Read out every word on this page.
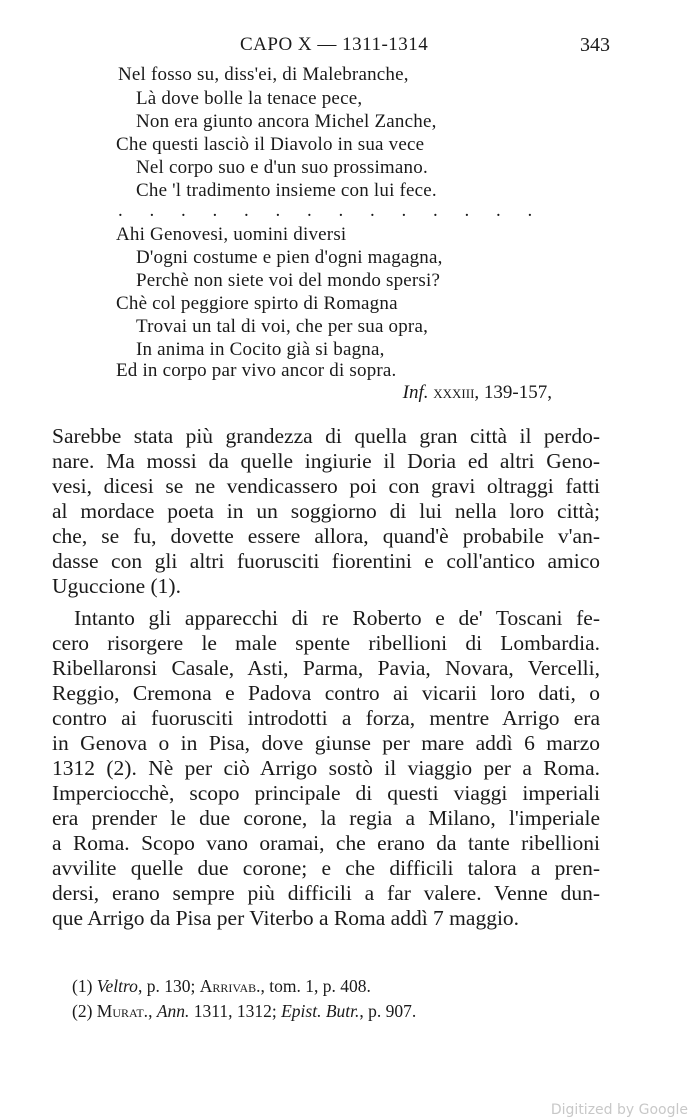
CAPO X — 1311-1314	343
Nel fosso su, diss'ei, di Malebranche,
Là dove bolle la tenace pece,
Non era giunto ancora Michel Zanche,
Che questi lasciò il Diavolo in sua vece
Nel corpo suo e d'un suo prossimano.
Che 'l tradimento insieme con lui fece.
. . . . . . . . . . . . . .
Ahi Genovesi, uomini diversi
D'ogni costume e pien d'ogni magagna,
Perchè non siete voi del mondo spersi?
Chè col peggiore spirto di Romagna
Trovai un tal di voi, che per sua opra,
In anima in Cocito già si bagna,
Ed in corpo par vivo ancor di sopra.
Inf. xxxiii, 139-157,
Sarebbe stata più grandezza di quella gran città il perdo-
nare. Ma mossi da quelle ingiurie il Doria ed altri Geno-
vesi, dicesi se ne vendicassero poi con gravi oltraggi fatti
al mordace poeta in un soggiorno di lui nella loro città;
che, se fu, dovette essere allora, quand'è probabile v'an-
dasse con gli altri fuorusciti fiorentini e coll'antico amico
Uguccione (1).
Intanto gli apparecchi di re Roberto e de' Toscani fe-
cero risorgere le male spente ribellioni di Lombardia.
Ribellaronsi Casale, Asti, Parma, Pavia, Novara, Vercelli,
Reggio, Cremona e Padova contro ai vicarii loro dati, o
contro ai fuorusciti introdotti a forza, mentre Arrigo era
in Genova o in Pisa, dove giunse per mare addì 6 marzo
1312 (2). Nè per ciò Arrigo sostò il viaggio per a Roma.
Imperciocchè, scopo principale di questi viaggi imperiali
era prender le due corone, la regia a Milano, l'imperiale
a Roma. Scopo vano oramai, che erano da tante ribellioni
avvilite quelle due corone; e che difficili talora a pren-
dersi, erano sempre più difficili a far valere. Venne dun-
que Arrigo da Pisa per Viterbo a Roma addì 7 maggio.
(1) Veltro, p. 130; Arrivab., tom. 1, p. 408.
(2) Murat., Ann. 1311, 1312; Epist. Butr., p. 907.
Digitized by Google
